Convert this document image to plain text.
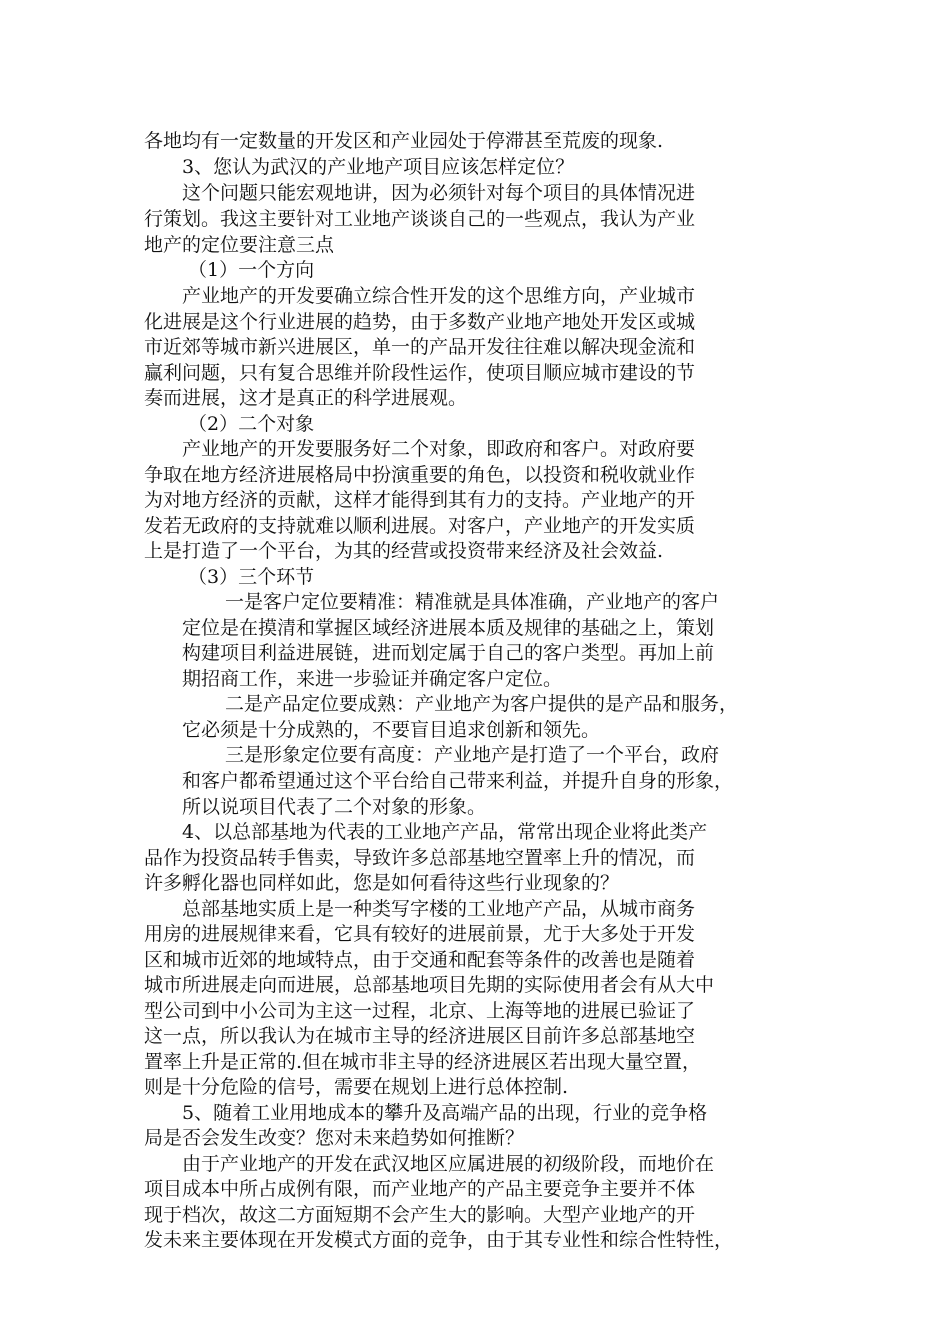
各地均有一定数量的开发区和产业园处于停滞甚至荒废的现象.

3、您认为武汉的产业地产项目应该怎样定位？

这个问题只能宏观地讲，因为必须针对每个项目的具体情况进

行策划。我这主要针对工业地产谈谈自己的一些观点，我认为产业

地产的定位要注意三点

（1）一个方向

产业地产的开发要确立综合性开发的这个思维方向，产业城市

化进展是这个行业进展的趋势，由于多数产业地产地处开发区或城

市近郊等城市新兴进展区，单一的产品开发往往难以解决现金流和

赢利问题，只有复合思维并阶段性运作，使项目顺应城市建设的节

奏而进展，这才是真正的科学进展观。

（2）二个对象

产业地产的开发要服务好二个对象，即政府和客户。对政府要

争取在地方经济进展格局中扮演重要的角色，以投资和税收就业作

为对地方经济的贡献，这样才能得到其有力的支持。产业地产的开

发若无政府的支持就难以顺利进展。对客户，产业地产的开发实质

上是打造了一个平台，为其的经营或投资带来经济及社会效益.

（3）三个环节

一是客户定位要精准：精准就是具体准确，产业地产的客户

定位是在摸清和掌握区域经济进展本质及规律的基础之上，策划

构建项目利益进展链，进而划定属于自己的客户类型。再加上前

期招商工作，来进一步验证并确定客户定位。

二是产品定位要成熟：产业地产为客户提供的是产品和服务，

它必须是十分成熟的，不要盲目追求创新和领先。

三是形象定位要有高度：产业地产是打造了一个平台，政府

和客户都希望通过这个平台给自己带来利益，并提升自身的形象，

所以说项目代表了二个对象的形象。

4、以总部基地为代表的工业地产产品，常常出现企业将此类产

品作为投资品转手售卖，导致许多总部基地空置率上升的情况，而

许多孵化器也同样如此，您是如何看待这些行业现象的？

总部基地实质上是一种类写字楼的工业地产产品，从城市商务

用房的进展规律来看，它具有较好的进展前景，尤于大多处于开发

区和城市近郊的地域特点，由于交通和配套等条件的改善也是随着

城市所进展走向而进展，总部基地项目先期的实际使用者会有从大中

型公司到中小公司为主这一过程，北京、上海等地的进展已验证了

这一点，所以我认为在城市主导的经济进展区目前许多总部基地空

置率上升是正常的.但在城市非主导的经济进展区若出现大量空置，

则是十分危险的信号，需要在规划上进行总体控制.

5、随着工业用地成本的攀升及高端产品的出现，行业的竞争格

局是否会发生改变？您对未来趋势如何推断？

由于产业地产的开发在武汉地区应属进展的初级阶段，而地价在

项目成本中所占成例有限，而产业地产的产品主要竞争主要并不体

现于档次，故这二方面短期不会产生大的影响。大型产业地产的开

发未来主要体现在开发模式方面的竞争，由于其专业性和综合性特性，
